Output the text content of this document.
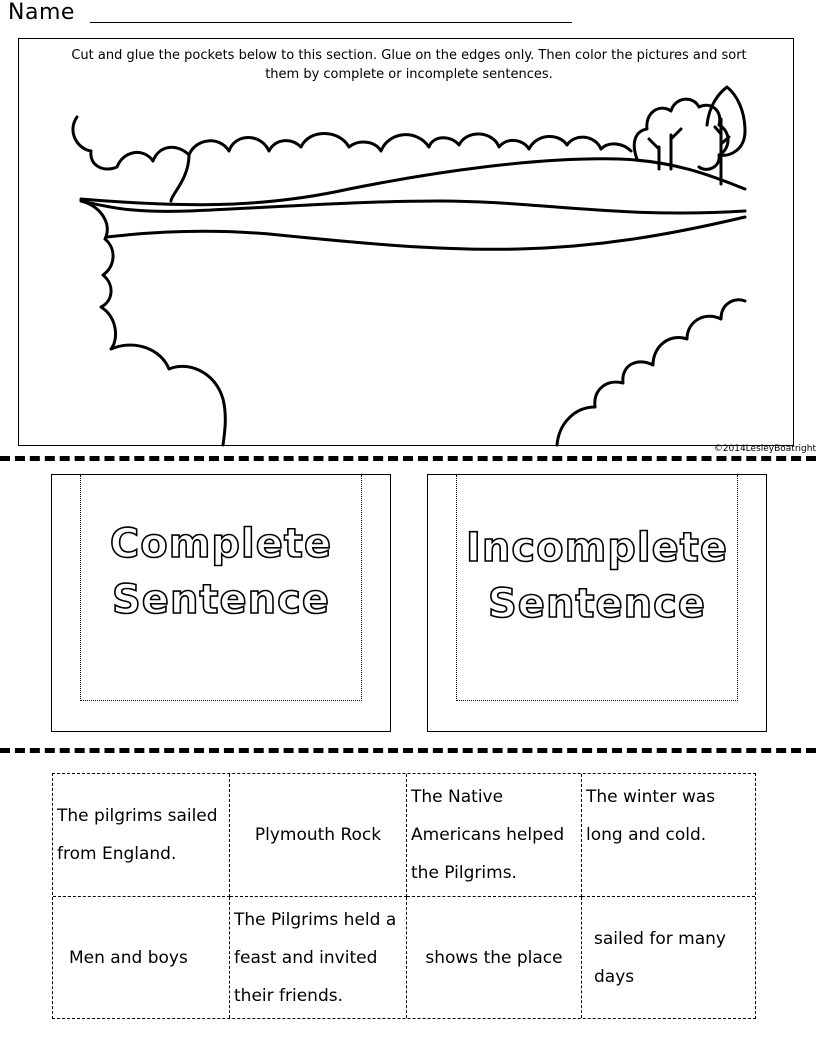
Name
Cut and glue the pockets below to this section. Glue on the edges only. Then color the pictures and sort them by complete or incomplete sentences.
©2014LesleyBoatright
Complete
Sentence
Incomplete
Sentence
The pilgrims sailed from England.
Plymouth Rock
The Native Americans helped the Pilgrims.
The winter was long and cold.
Men and boys
The Pilgrims held a feast and invited their friends.
shows the place
sailed for many days
